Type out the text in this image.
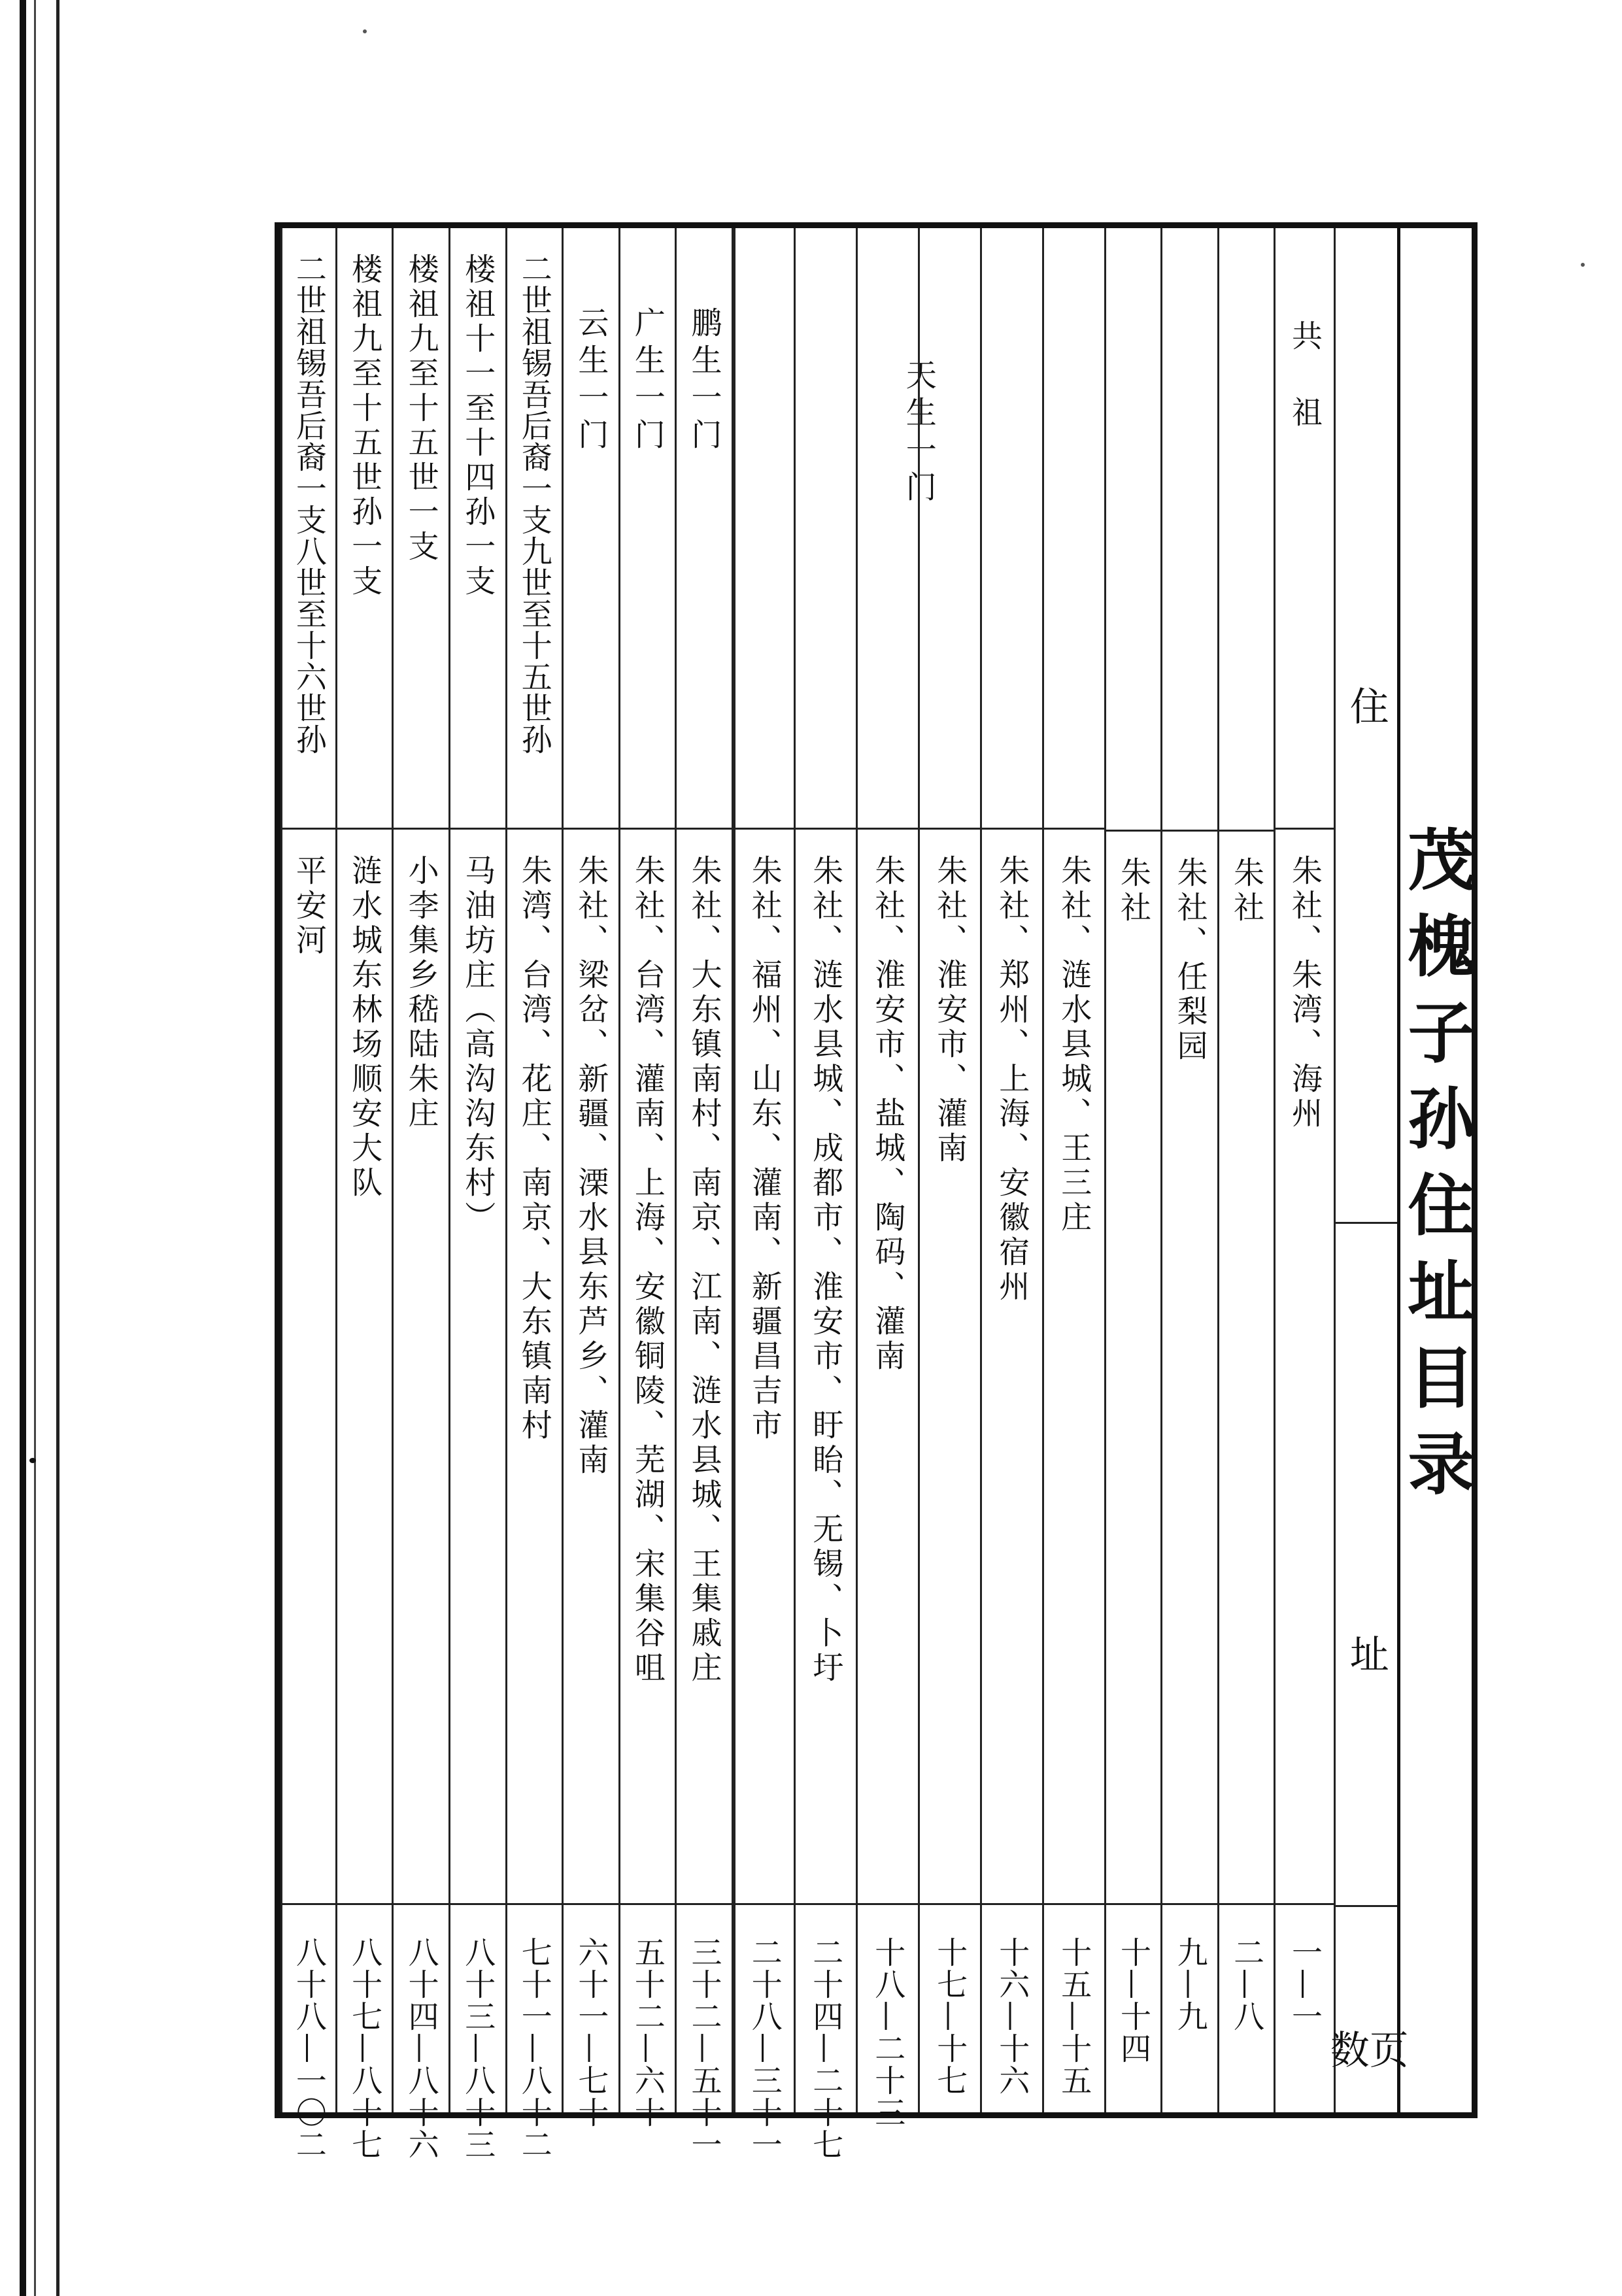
茂槐子孙住址目录
住
址
页数
共祖
朱社、朱湾、海州
一—一
朱社
二—八
朱社、任梨园
九—九
朱社
十—十四
天生一门
朱社、涟水县城、王三庄
十五—十五
朱社、郑州、上海、安徽宿州
十六—十六
朱社、淮安市、灌南
十七—十七
朱社、淮安市、盐城、陶码、灌南
十八—二十三
朱社、涟水县城、成都市、淮安市、盱眙、无锡、卜圩
二十四—二十七
朱社、福州、山东、灌南、新疆昌吉市
二十八—三十一
鹏生一门
朱社、大东镇南村、南京、江南、涟水县城、王集戚庄
三十二—五十一
广生一门
朱社、台湾、灌南、上海、安徽铜陵、芜湖、宋集谷咀
五十二—六十
云生一门
朱社、梁岔、新疆、溧水县东芦乡、灌南
六十一—七十
二世祖锡吾后裔一支九世至十五世孙
朱湾、台湾、花庄、南京、大东镇南村
七十一—八十二
楼祖十一至十四孙一支
马油坊庄（高沟沟东村）
八十三—八十三
楼祖九至十五世一支
小李集乡嵇陆朱庄
八十四—八十六
楼祖九至十五世孙一支
涟水城东林场顺安大队
八十七—八十七
二世祖锡吾后裔一支八世至十六世孙
平安河
八十八—一〇二
